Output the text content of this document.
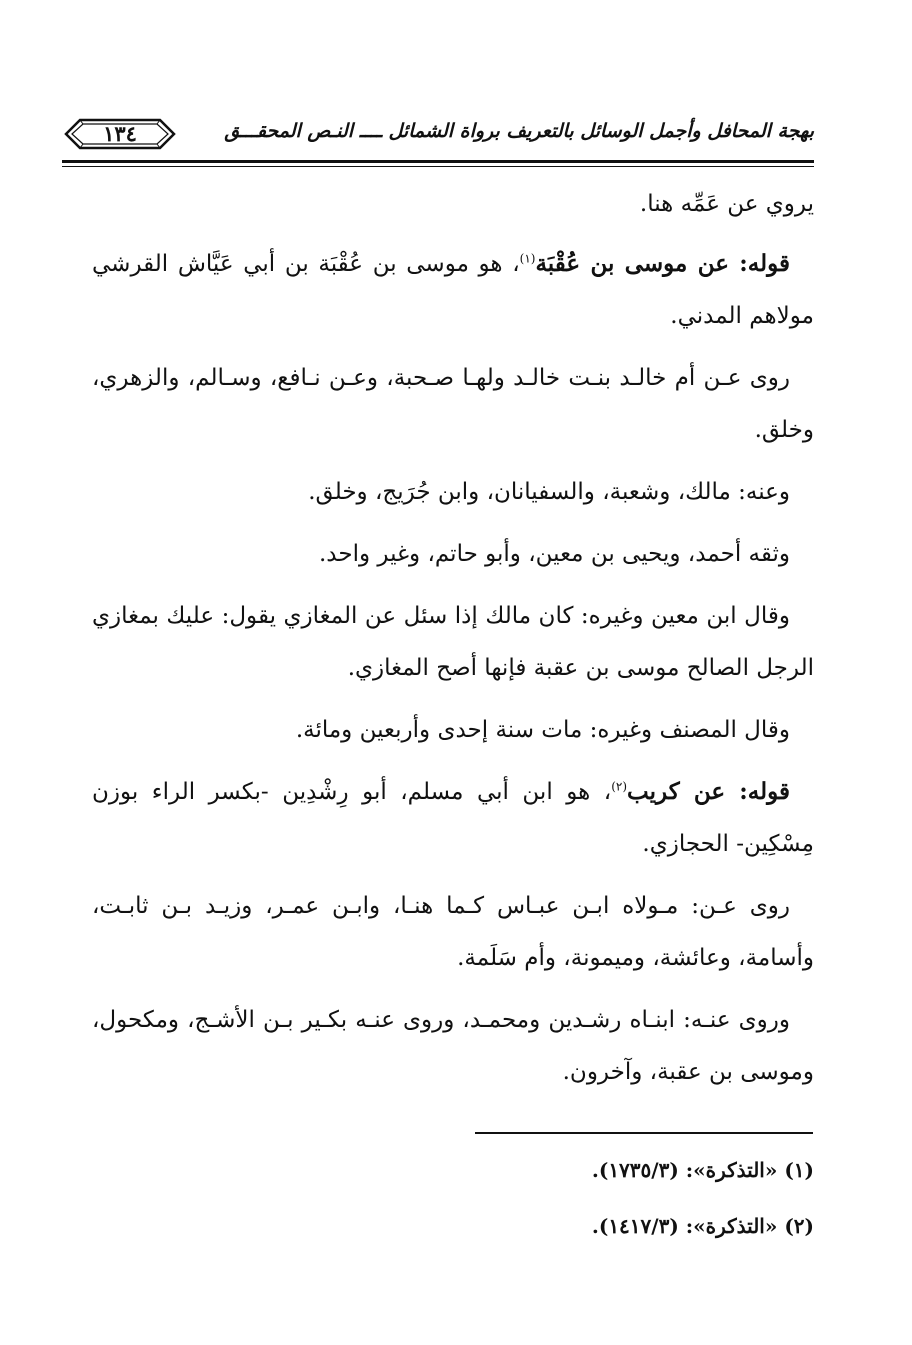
١٣٤	بهجة المحافل وأجمل الوسائل بالتعريف برواة الشمائل ــــ النـص المحقـــق

يروي عن عَمِّه هنا.

قوله: عن موسى بن عُقْبَة$^{(١)}$، هو موسى بن عُقْبَة بن أبي عَيَّاش القرشي مولاهم المدني.

روى عـن أم خالـد بنـت خالـد ولهـا صـحبة، وعـن نـافع، وسـالم، والزهري، وخلق.

وعنه: مالك، وشعبة، والسفيانان، وابن جُرَيج، وخلق.

وثقه أحمد، ويحيى بن معين، وأبو حاتم، وغير واحد.

وقال ابن معين وغيره: كان مالك إذا سئل عن المغازي يقول: عليك بمغازي الرجل الصالح موسى بن عقبة فإنها أصح المغازي.

وقال المصنف وغيره: مات سنة إحدى وأربعين ومائة.

قوله: عن كريب$^{(٢)}$، هو ابن أبي مسلم، أبو رِشْدِين -بكسر الراء بوزن مِسْكِين- الحجازي.

روى عـن: مـولاه ابـن عبـاس كـما هنـا، وابـن عمـر، وزيـد بـن ثابـت، وأسامة، وعائشة، وميمونة، وأم سَلَمة.

وروى عنـه: ابنـاه رشـدين ومحمـد، وروى عنـه بكـير بـن الأشـج، ومكحول، وموسى بن عقبة، وآخرون.

(١) «التذكرة»: (١٧٣٥/٣).

(٢) «التذكرة»: (١٤١٧/٣).
